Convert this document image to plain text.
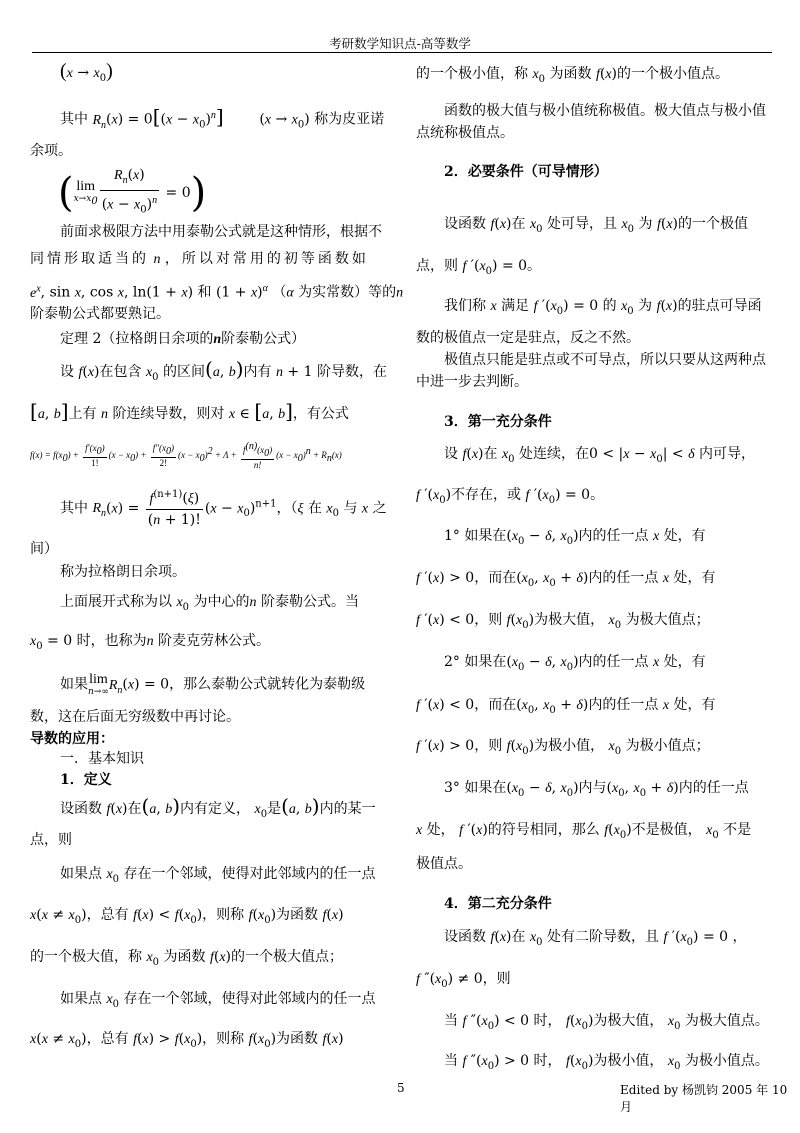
考研数学知识点-高等数学
$(x \to x_0)$
其中 $R_n(x) = 0[(x - x_0)^n]$        $(x \to x_0)$ 称为皮亚诺
余项。
( lim
$x\to x_0 \frac{R_n(x)}{(x - x_0)^n} = 0$)
前面求极限方法中用泰勒公式就是这种情形，根据不
同情形取适当的 n ，所以对常用的初等函数如
$e^x$, sin x, cos x, ln(1 + x) 和 $(1 + x)^\alpha$ （α 为实常数）等的n
阶泰勒公式都要熟记。
定理 2（拉格朗日余项的n阶泰勒公式）
设 f(x)在包含 $x_0$ 的区间(a, b)内有 n + 1 阶导数，在
[a, b]上有 n 阶连续导数，则对 x ∈ [a, b]，有公式
$f(x) = f(x_0) + \frac{f'(x_0)}{1!} (x - x_0) + \frac{f''(x_0)}{2!} (x - x_0)^2 + \Lambda + \frac{f^{(n)}(x_0)}{n!} (x - x_0)^n + R_n(x)$
其中 $R_n(x) = \frac{f^{(n+1)}(\xi)}{(n + 1)!} (x - x_0)^{n+1}$，（ξ 在 $x_0$ 与 x 之
间）
称为拉格朗日余项。
上面展开式称为以 $x_0$ 为中心的n 阶泰勒公式。当
$x_0 = 0$ 时，也称为n 阶麦克劳林公式。
如果lim
n→∞ $R_n(x) = 0$，那么泰勒公式就转化为泰勒级
数，这在后面无穷级数中再讨论。
导数的应用：
一．基本知识
1．定义
设函数 f(x)在(a, b)内有定义， $x_0$是(a, b)内的某一
点，则
如果点 $x_0$ 存在一个邻域，使得对此邻域内的任一点
$x(x \ne x_0)$，总有 $f(x) < f(x_0)$，则称 $f(x_0)$为函数 f(x)
的一个极大值，称 $x_0$ 为函数 f(x)的一个极大值点；
如果点 $x_0$ 存在一个邻域，使得对此邻域内的任一点
$x(x \ne x_0)$，总有 $f(x) > f(x_0)$，则称 $f(x_0)$为函数 f(x)
的一个极小值，称 $x_0$ 为函数 f(x)的一个极小值点。
函数的极大值与极小值统称极值。极大值点与极小值
点统称极值点。
2．必要条件（可导情形）
设函数 f(x)在 $x_0$ 处可导，且 $x_0$ 为 f(x)的一个极值
点，则 f $'(x_0) = 0$。
我们称 x 满足 f $'(x_0) = 0$ 的 $x_0$ 为 f(x)的驻点可导函
数的极值点一定是驻点，反之不然。
极值点只能是驻点或不可导点，所以只要从这两种点
中进一步去判断。
3．第一充分条件
设 f(x)在 $x_0$ 处连续，在$0 < |x - x_0| < \delta$ 内可导，
f $'(x_0)$不存在，或 f $'(x_0) = 0$。
1° 如果在($x_0 - \delta$, $x_0$)内的任一点 x 处，有
f ′(x) > 0，而在($x_0$, $x_0 + \delta$)内的任一点 x 处，有
f ′(x) < 0，则 $f(x_0)$为极大值， $x_0$ 为极大值点；
2° 如果在($x_0 - \delta$, $x_0$)内的任一点 x 处，有
f ′(x) < 0，而在($x_0$, $x_0 + \delta$)内的任一点 x 处，有
f ′(x) > 0，则 $f(x_0)$为极小值， $x_0$ 为极小值点；
3° 如果在($x_0 - \delta$, $x_0$)内与($x_0$, $x_0 + \delta$)内的任一点
x 处， f ′(x)的符号相同，那么 $f(x_0)$不是极值， $x_0$ 不是
极值点。
4．第二充分条件
设函数 f(x)在 $x_0$ 处有二阶导数，且 f $'(x_0) = 0$ ，
f $''(x_0) \ne 0$，则
当 f $''(x_0) < 0$ 时， $f(x_0)$为极大值， $x_0$ 为极大值点。
当 f $''(x_0) > 0$ 时， $f(x_0)$为极小值， $x_0$ 为极小值点。
5	Edited by 杨凯钧 2005 年 10 月
